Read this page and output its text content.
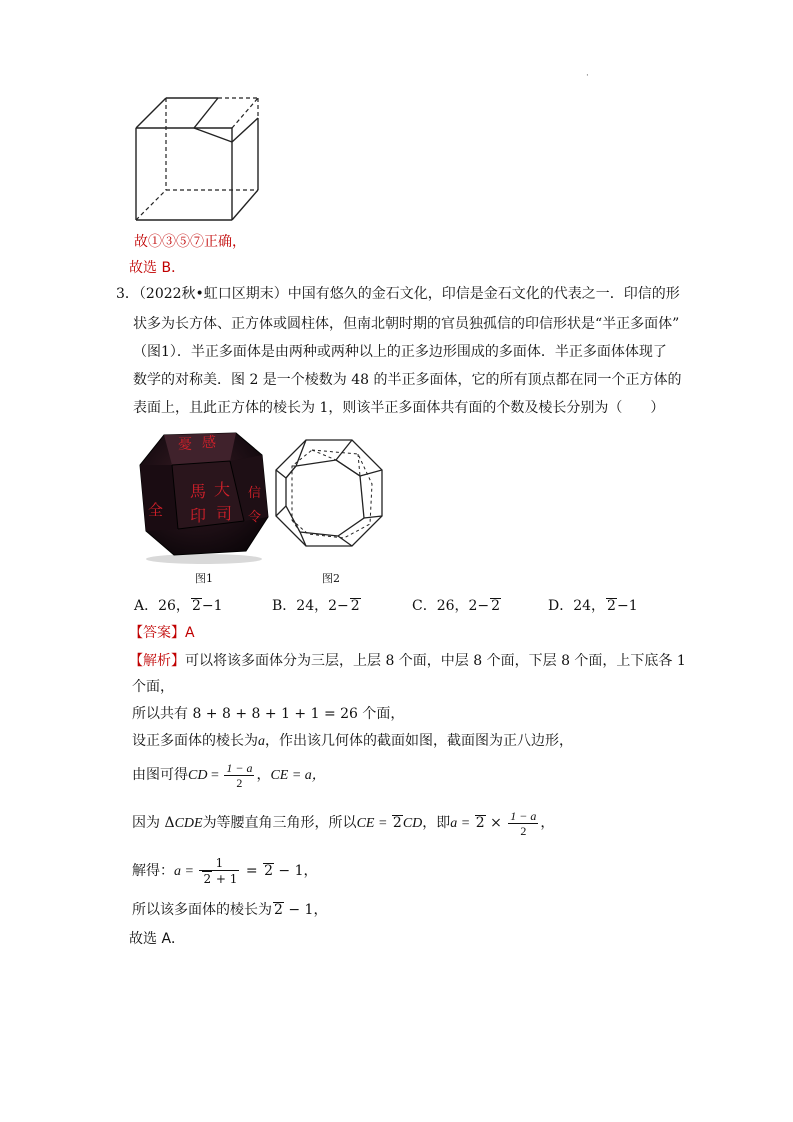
·
故①③⑤⑦正确，
故选 B．
3．（2022秋•虹口区期末）中国有悠久的金石文化，印信是金石文化的代表之一．印信的形
状多为长方体、正方体或圆柱体，但南北朝时期的官员独孤信的印信形状是“半正多面体”
（图1）．半正多面体是由两种或两种以上的正多边形围成的多面体．半正多面体体现了
数学的对称美．图 2 是一个棱数为 48 的半正多面体，它的所有顶点都在同一个正方体的
表面上，且此正方体的棱长为 1，则该半正多面体共有面的个数及棱长分别为（　　）
憂 感
馬 大
印 司
全
信
令
图1	图2
A．26， 2−1	B．24，2− 2	C．26，2− 2	D．24， 2−1
【答案】A
【解析】可以将该多面体分为三层，上层 8 个面，中层 8 个面，下层 8 个面，上下底各 1
个面，
所以共有 8 + 8 + 8 + 1 + 1 = 26 个面，
设正多面体的棱长为a，作出该几何体的截面如图，截面图为正八边形，
由图可得CD = $\frac{1 - a}{2}$ ，CE = a，
因为 ΔCDE为等腰直角三角形，所以CE = 2CD，即$a = 2 \times \frac{1 - a}{2}$ ，
解得：$a = \frac{1}{2 + 1} = 2 - 1$，
所以该多面体的棱长为 2 − 1，
故选 A．
